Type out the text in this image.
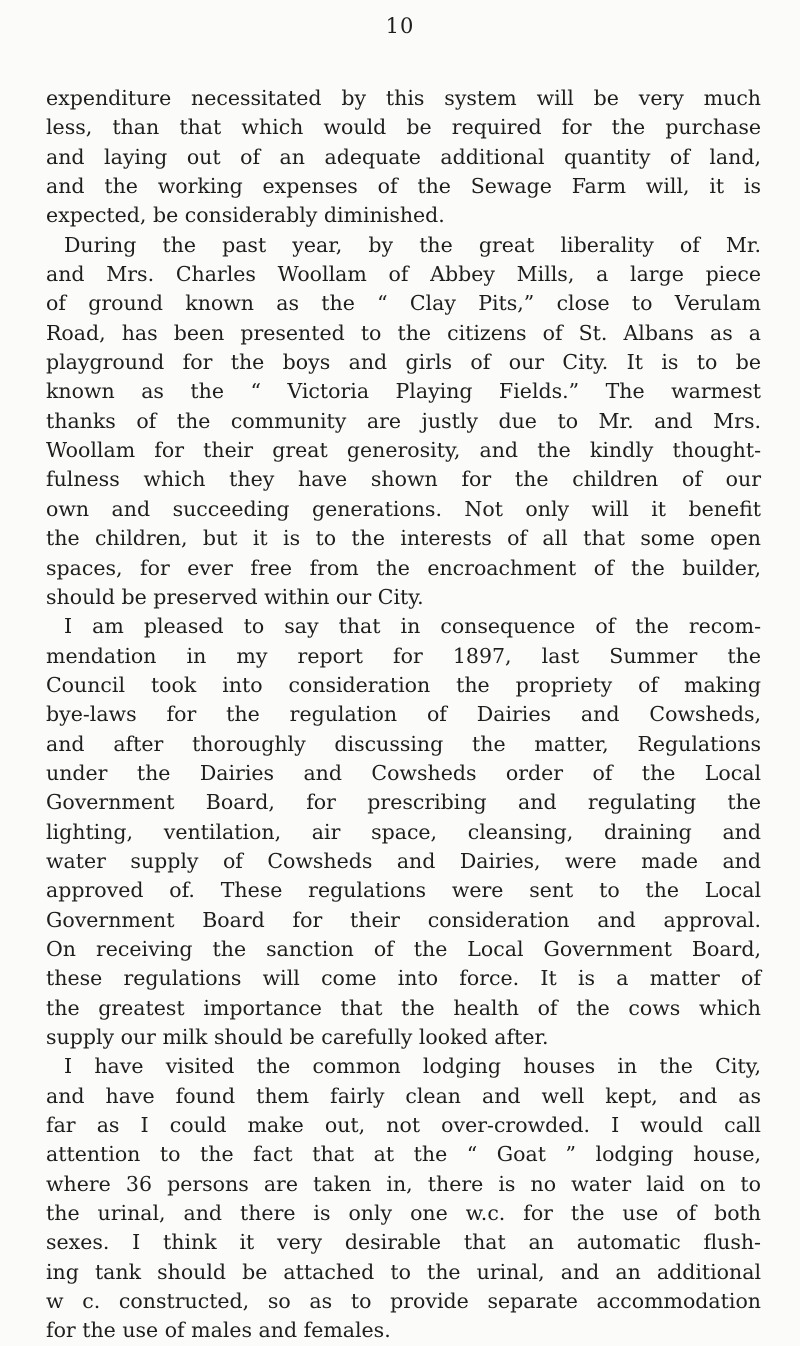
10
expenditure necessitated by this system will be very much
less, than that which would be required for the purchase
and laying out of an adequate additional quantity of land,
and the working expenses of the Sewage Farm will, it is
expected, be considerably diminished.
During the past year, by the great liberality of Mr.
and Mrs. Charles Woollam of Abbey Mills, a large piece
of ground known as the “ Clay Pits,” close to Verulam
Road, has been presented to the citizens of St. Albans as a
playground for the boys and girls of our City. It is to be
known as the “ Victoria Playing Fields.” The warmest
thanks of the community are justly due to Mr. and Mrs.
Woollam for their great generosity, and the kindly thought-
fulness which they have shown for the children of our
own and succeeding generations. Not only will it benefit
the children, but it is to the interests of all that some open
spaces, for ever free from the encroachment of the builder,
should be preserved within our City.
I am pleased to say that in consequence of the recom-
mendation in my report for 1897, last Summer the
Council took into consideration the propriety of making
bye-laws for the regulation of Dairies and Cowsheds,
and after thoroughly discussing the matter, Regulations
under the Dairies and Cowsheds order of the Local
Government Board, for prescribing and regulating the
lighting, ventilation, air space, cleansing, draining and
water supply of Cowsheds and Dairies, were made and
approved of. These regulations were sent to the Local
Government Board for their consideration and approval.
On receiving the sanction of the Local Government Board,
these regulations will come into force. It is a matter of
the greatest importance that the health of the cows which
supply our milk should be carefully looked after.
I have visited the common lodging houses in the City,
and have found them fairly clean and well kept, and as
far as I could make out, not over-crowded. I would call
attention to the fact that at the “ Goat ” lodging house,
where 36 persons are taken in, there is no water laid on to
the urinal, and there is only one w.c. for the use of both
sexes. I think it very desirable that an automatic flush-
ing tank should be attached to the urinal, and an additional
w c. constructed, so as to provide separate accommodation
for the use of males and females.
